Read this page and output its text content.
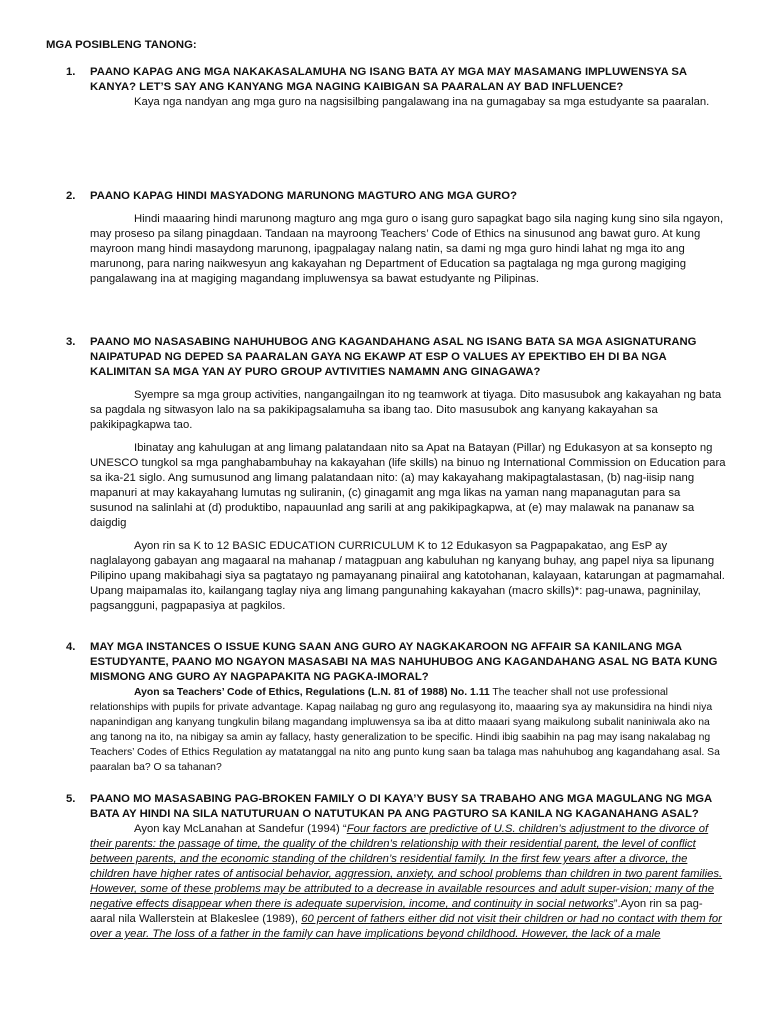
MGA POSIBLENG TANONG:
1. PAANO KAPAG ANG MGA NAKAKASALAMUHA NG ISANG BATA AY MGA MAY MASAMANG IMPLUWENSYA SA KANYA? LET’S SAY ANG KANYANG MGA NAGING KAIBIGAN SA PAARALAN AY BAD INFLUENCE?

Kaya nga nandyan ang mga guro na nagsisilbing pangalawang ina na gumagabay sa mga estudyante sa paaralan.

2. PAANO KAPAG HINDI MASYADONG MARUNONG MAGTURO ANG MGA GURO?

Hindi maaaring hindi marunong magturo ang mga guro o isang guro sapagkat bago sila naging kung sino sila ngayon, may proseso pa silang pinagdaan. Tandaan na mayroong Teachers’ Code of Ethics na sinusunod ang bawat guro. At kung mayroon mang hindi masaydong marunong, ipagpalagay nalang natin, sa dami ng mga guro hindi lahat ng mga ito ang marunong, para naring naikwesyun ang kakayahan ng Department of Education sa pagtalaga ng mga gurong magiging pangalawang ina at magiging magandang impluwensya sa bawat estudyante ng Pilipinas.

3. PAANO MO NASASABING NAHUHUBOG ANG KAGANDAHANG ASAL NG ISANG BATA SA MGA ASIGNATURANG NAIPATUPAD NG DEPED SA PAARALAN GAYA NG EKAWP AT ESP O VALUES AY EPEKTIBO EH DI BA NGA KALIMITAN SA MGA YAN AY PURO GROUP AVTIVITIES NAMAMN ANG GINAGAWA?

Syempre sa mga group activities, nangangailngan ito ng teamwork at tiyaga. Dito masusubok ang kakayahan ng bata sa pagdala ng sitwasyon lalo na sa pakikipagsalamuha sa ibang tao. Dito masusubok ang kanyang kakayahan sa pakikipagkapwa tao.

Ibinatay ang kahulugan at ang limang palatandaan nito sa Apat na Batayan (Pillar) ng Edukasyon at sa konsepto ng UNESCO tungkol sa mga panghabambuhay na kakayahan (life skills) na binuo ng International Commission on Education para sa ika-21 siglo. Ang sumusunod ang limang palatandaan nito: (a) may kakayahang makipagtalastasan, (b) nag-iisip nang mapanuri at may kakayahang lumutas ng suliranin, (c) ginagamit ang mga likas na yaman nang mapanagutan para sa susunod na salinlahi at (d) produktibo, napauunlad ang sarili at ang pakikipagkapwa, at (e) may malawak na pananaw sa daigdig

Ayon rin sa K to 12 BASIC EDUCATION CURRICULUM K to 12 Edukasyon sa Pagpapakatao, ang EsP ay naglalayong gabayan ang magaaral na mahanap / matagpuan ang kabuluhan ng kanyang buhay, ang papel niya sa lipunang Pilipino upang makibahagi siya sa pagtatayo ng pamayanang pinaiiral ang katotohanan, kalayaan, katarungan at pagmamahal. Upang maipamalas ito, kailangang taglay niya ang limang pangunahing kakayahan (macro skills)*: pag-unawa, pagninilay, pagsangguni, pagpapasiya at pagkilos.

4. MAY MGA INSTANCES O ISSUE KUNG SAAN ANG GURO AY NAGKAKAROON NG AFFAIR SA KANILANG MGA ESTUDYANTE, PAANO MO NGAYON MASASABI NA MAS NAHUHUBOG ANG KAGANDAHANG ASAL NG BATA KUNG MISMONG ANG GURO AY NAGPAPAKITA NG PAGKA-IMORAL?

Ayon sa Teachers’ Code of Ethics, Regulations (L.N. 81 of 1988) No. 1.11 The teacher shall not use professional relationships with pupils for private advantage. Kapag nailabag ng guro ang regulasyong ito, maaaring sya ay makunsidira na hindi niya napanindigan ang kanyang tungkulin bilang magandang impluwensya sa iba at ditto maaari syang maikulong subalit naniniwala ako na ang tanong na ito, na nibigay sa amin ay fallacy, hasty generalization to be specific. Hindi ibig saabihin na pag may isang nakalabag ng Teachers’ Codes of Ethics Regulation ay matatanggal na nito ang punto kung saan ba talaga mas nahuhubog ang kagandahang asal. Sa paaralan ba? O sa tahanan?

5. PAANO MO MASASABING PAG-BROKEN FAMILY O DI KAYA’Y BUSY SA TRABAHO ANG MGA MAGULANG NG MGA BATA AY HINDI NA SILA NATUTURUAN O NATUTUKAN PA ANG PAGTURO SA KANILA NG KAGANAHANG ASAL?

Ayon kay McLanahan at Sandefur (1994) “Four factors are predictive of U.S. children’s adjustment to the divorce of their parents: the passage of time, the quality of the children’s relationship with their residential parent, the level of conflict between parents, and the economic standing of the children’s residential family. In the first few years after a divorce, the children have higher rates of antisocial behavior, aggression, anxiety, and school problems than children in two parent families. However, some of these problems may be attributed to a decrease in available resources and adult super-vision; many of the negative effects disappear when there is adequate supervision, income, and continuity in social networks”.Ayon rin sa pag-aaral nila Wallerstein at Blakeslee (1989), 60 percent of fathers either did not visit their children or had no contact with them for over a year. The loss of a father in the family can have implications beyond childhood. However, the lack of a male
